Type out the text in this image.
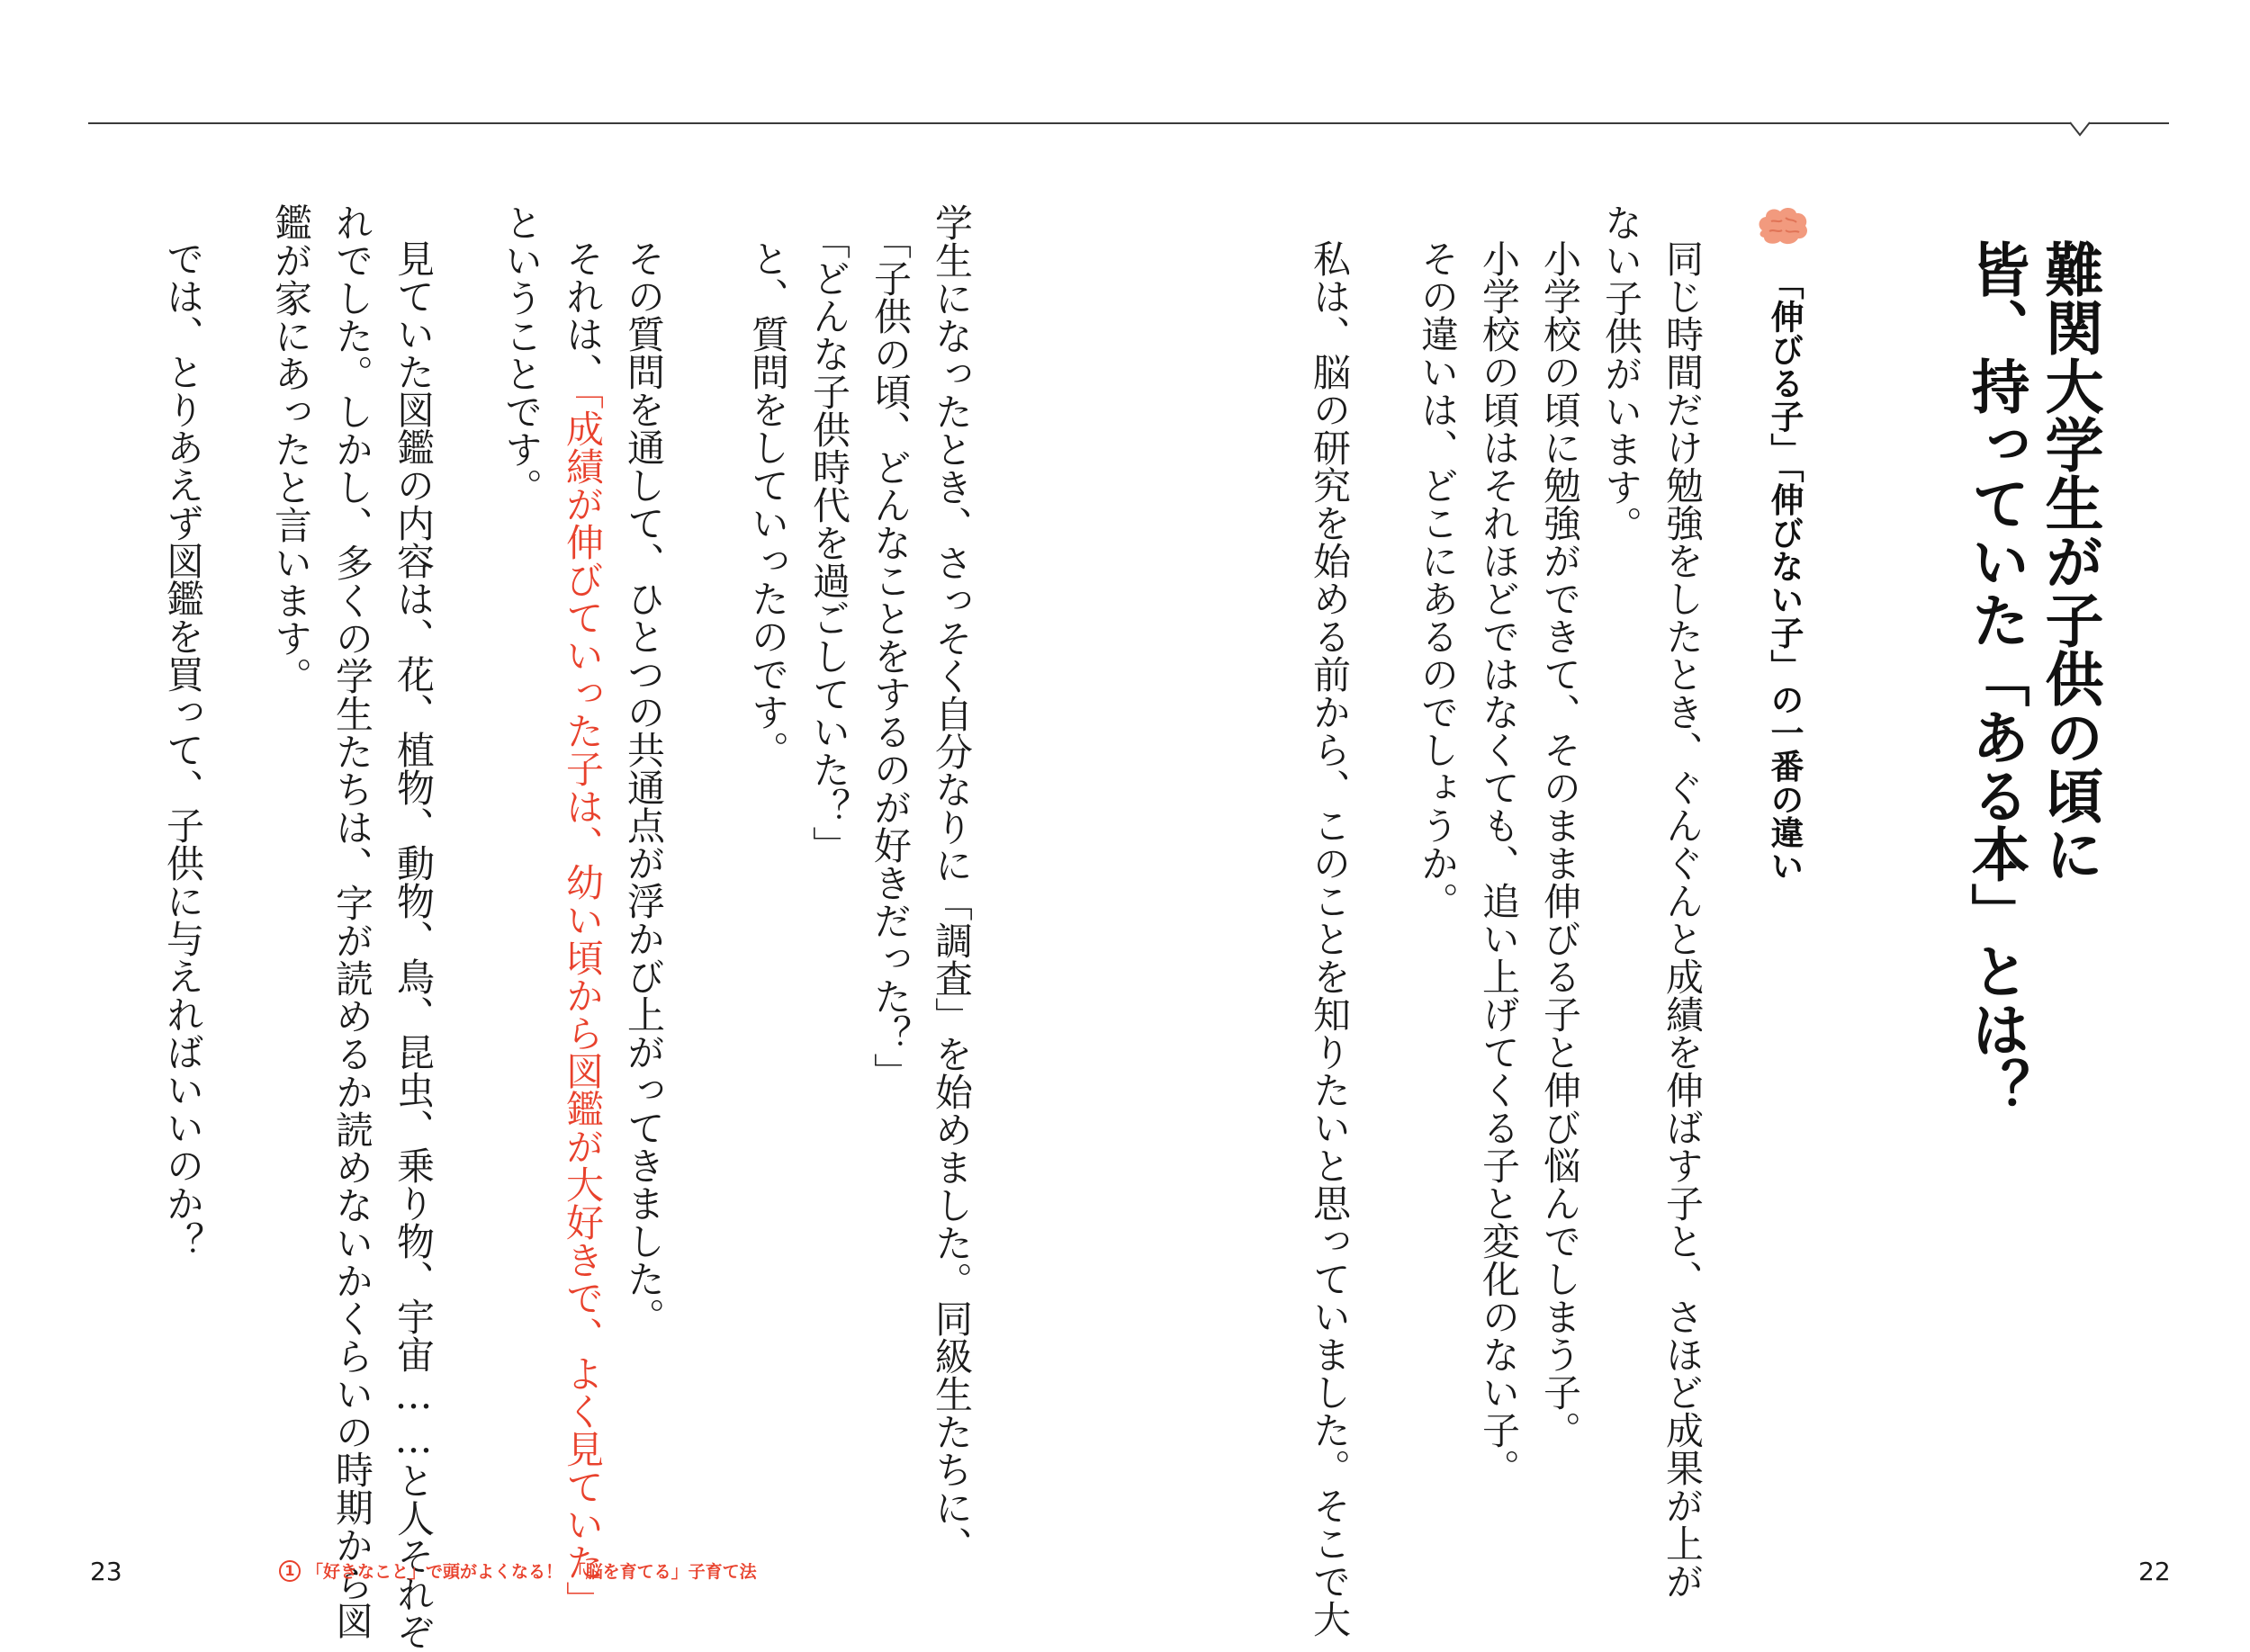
難関大学生が子供の頃に
皆、持っていた「ある本」とは？
「伸びる子」「伸びない子」の一番の違い
同じ時間だけ勉強をしたとき、ぐんぐんと成績を伸ばす子と、さほど成果が上が
ない子供がいます。
小学校の頃に勉強ができて、そのまま伸びる子と伸び悩んでしまう子。
小学校の頃はそれほどではなくても、追い上げてくる子と変化のない子。
その違いは、どこにあるのでしょうか。
私は、脳の研究を始める前から、このことを知りたいと思っていました。そこで大
学生になったとき、さっそく自分なりに「調査」を始めました。同級生たちに、
「子供の頃、どんなことをするのが好きだった？」
「どんな子供時代を過ごしていた？」
と、質問をしていったのです。
その質問を通して、ひとつの共通点が浮かび上がってきました。
それは、「成績が伸びていった子は、幼い頃から図鑑が大好きで、よく見ていた」
ということです。
見ていた図鑑の内容は、花、植物、動物、鳥、昆虫、乗り物、宇宙……と人それぞ
れでした。しかし、多くの学生たちは、字が読めるか読めないかくらいの時期から図
鑑が家にあったと言います。
では、とりあえず図鑑を買って、子供に与えればいいのか？
23	1 「好きなこと」で頭がよくなる！ 「脳を育てる」子育て法	22
